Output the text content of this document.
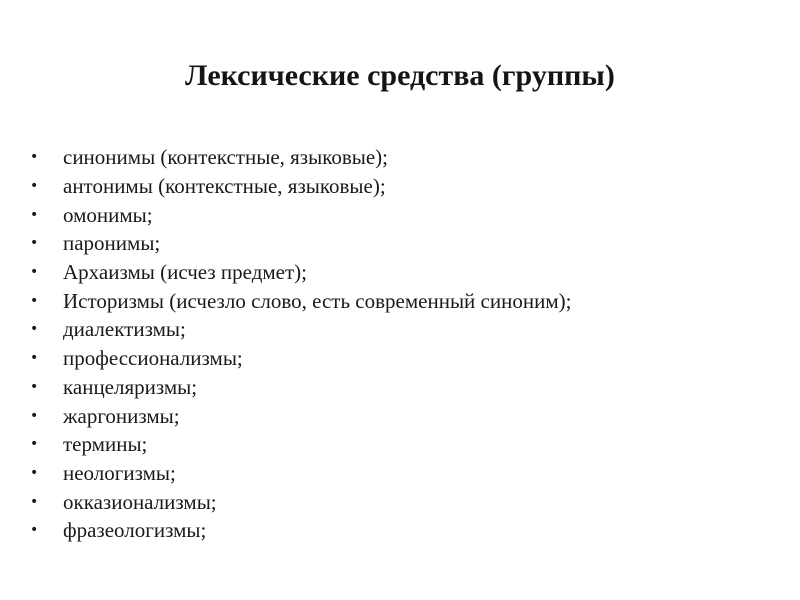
Лексические средства (группы)
•	синонимы (контекстные, языковые);
•	антонимы (контекстные, языковые);
•	омонимы;
•	паронимы;
•	Архаизмы (исчез предмет);
•	Историзмы (исчезло слово, есть современный синоним);
•	диалектизмы;
•	профессионализмы;
•	канцеляризмы;
•	жаргонизмы;
•	термины;
•	неологизмы;
•	окказионализмы;
•	фразеологизмы;
